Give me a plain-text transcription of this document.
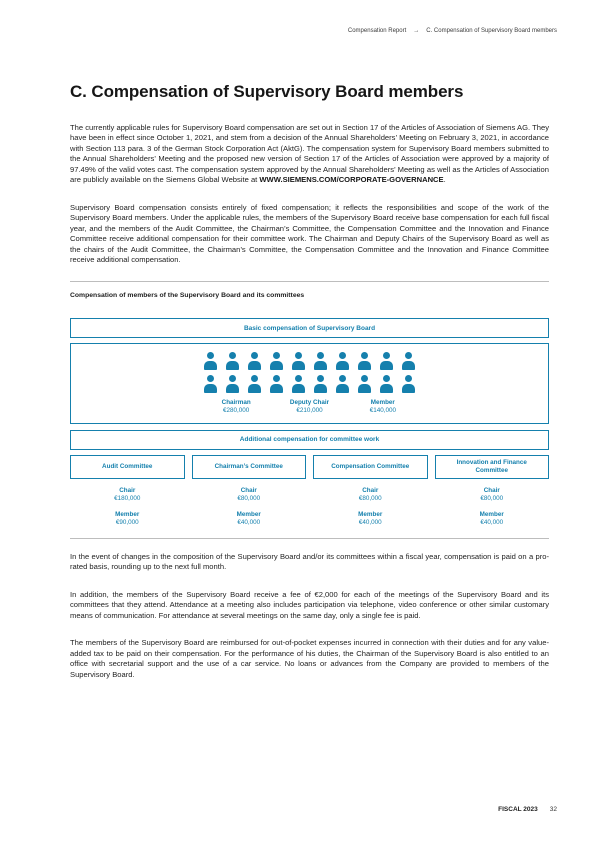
Compensation Report → C. Compensation of Supervisory Board members
C. Compensation of Supervisory Board members

The currently applicable rules for Supervisory Board compensation are set out in Section 17 of the Articles of Association of Siemens AG. They have been in effect since October 1, 2021, and stem from a decision of the Annual Shareholders’ Meeting on February 3, 2021, in accordance with Section 113 para. 3 of the German Stock Corporation Act (AktG). The compensation system for Supervisory Board members submitted to the Annual Shareholders’ Meeting and the proposed new version of Section 17 of the Articles of Association were approved by a majority of 97.49% of the valid votes cast. The compensation system approved by the Annual Shareholders’ Meeting as well as the Articles of Association are publicly available on the Siemens Global Website at WWW.SIEMENS.COM/CORPORATE-GOVERNANCE.

Supervisory Board compensation consists entirely of fixed compensation; it reflects the responsibilities and scope of the work of the Supervisory Board members. Under the applicable rules, the members of the Supervisory Board receive base compensation for each full fiscal year, and the members of the Audit Committee, the Chairman’s Committee, the Compensation Committee and the Innovation and Finance Committee receive additional compensation for their committee work. The Chairman and Deputy Chairs of the Supervisory Board as well as the chairs of the Audit Committee, the Chairman’s Committee, the Compensation Committee and the Innovation and Finance Committee receive additional compensation.

Compensation of members of the Supervisory Board and its committees
Basic compensation of Supervisory Board
Chairman
€280,000
Deputy Chair
€210,000
Member
€140,000
Additional compensation for committee work
Audit Committee	Chairman’s Committee	Compensation Committee
Innovation and Finance Committee
Chair
€180,000
Member
€90,000
Chair
€80,000
Member
€40,000
Chair
€80,000
Member
€40,000
Chair
€80,000
Member
€40,000

In the event of changes in the composition of the Supervisory Board and/or its committees within a fiscal year, compensation is paid on a pro-rated basis, rounding up to the next full month.

In addition, the members of the Supervisory Board receive a fee of €2,000 for each of the meetings of the Supervisory Board and its committees that they attend. Attendance at a meeting also includes participation via telephone, video conference or other similar customary means of communication. For attendance at several meetings on the same day, only a single fee is paid.

The members of the Supervisory Board are reimbursed for out-of-pocket expenses incurred in connection with their duties and for any value-added tax to be paid on their compensation. For the performance of his duties, the Chairman of the Supervisory Board is also entitled to an office with secretarial support and the use of a car service. No loans or advances from the Company are provided to members of the Supervisory Board.

FISCAL 2023 32
